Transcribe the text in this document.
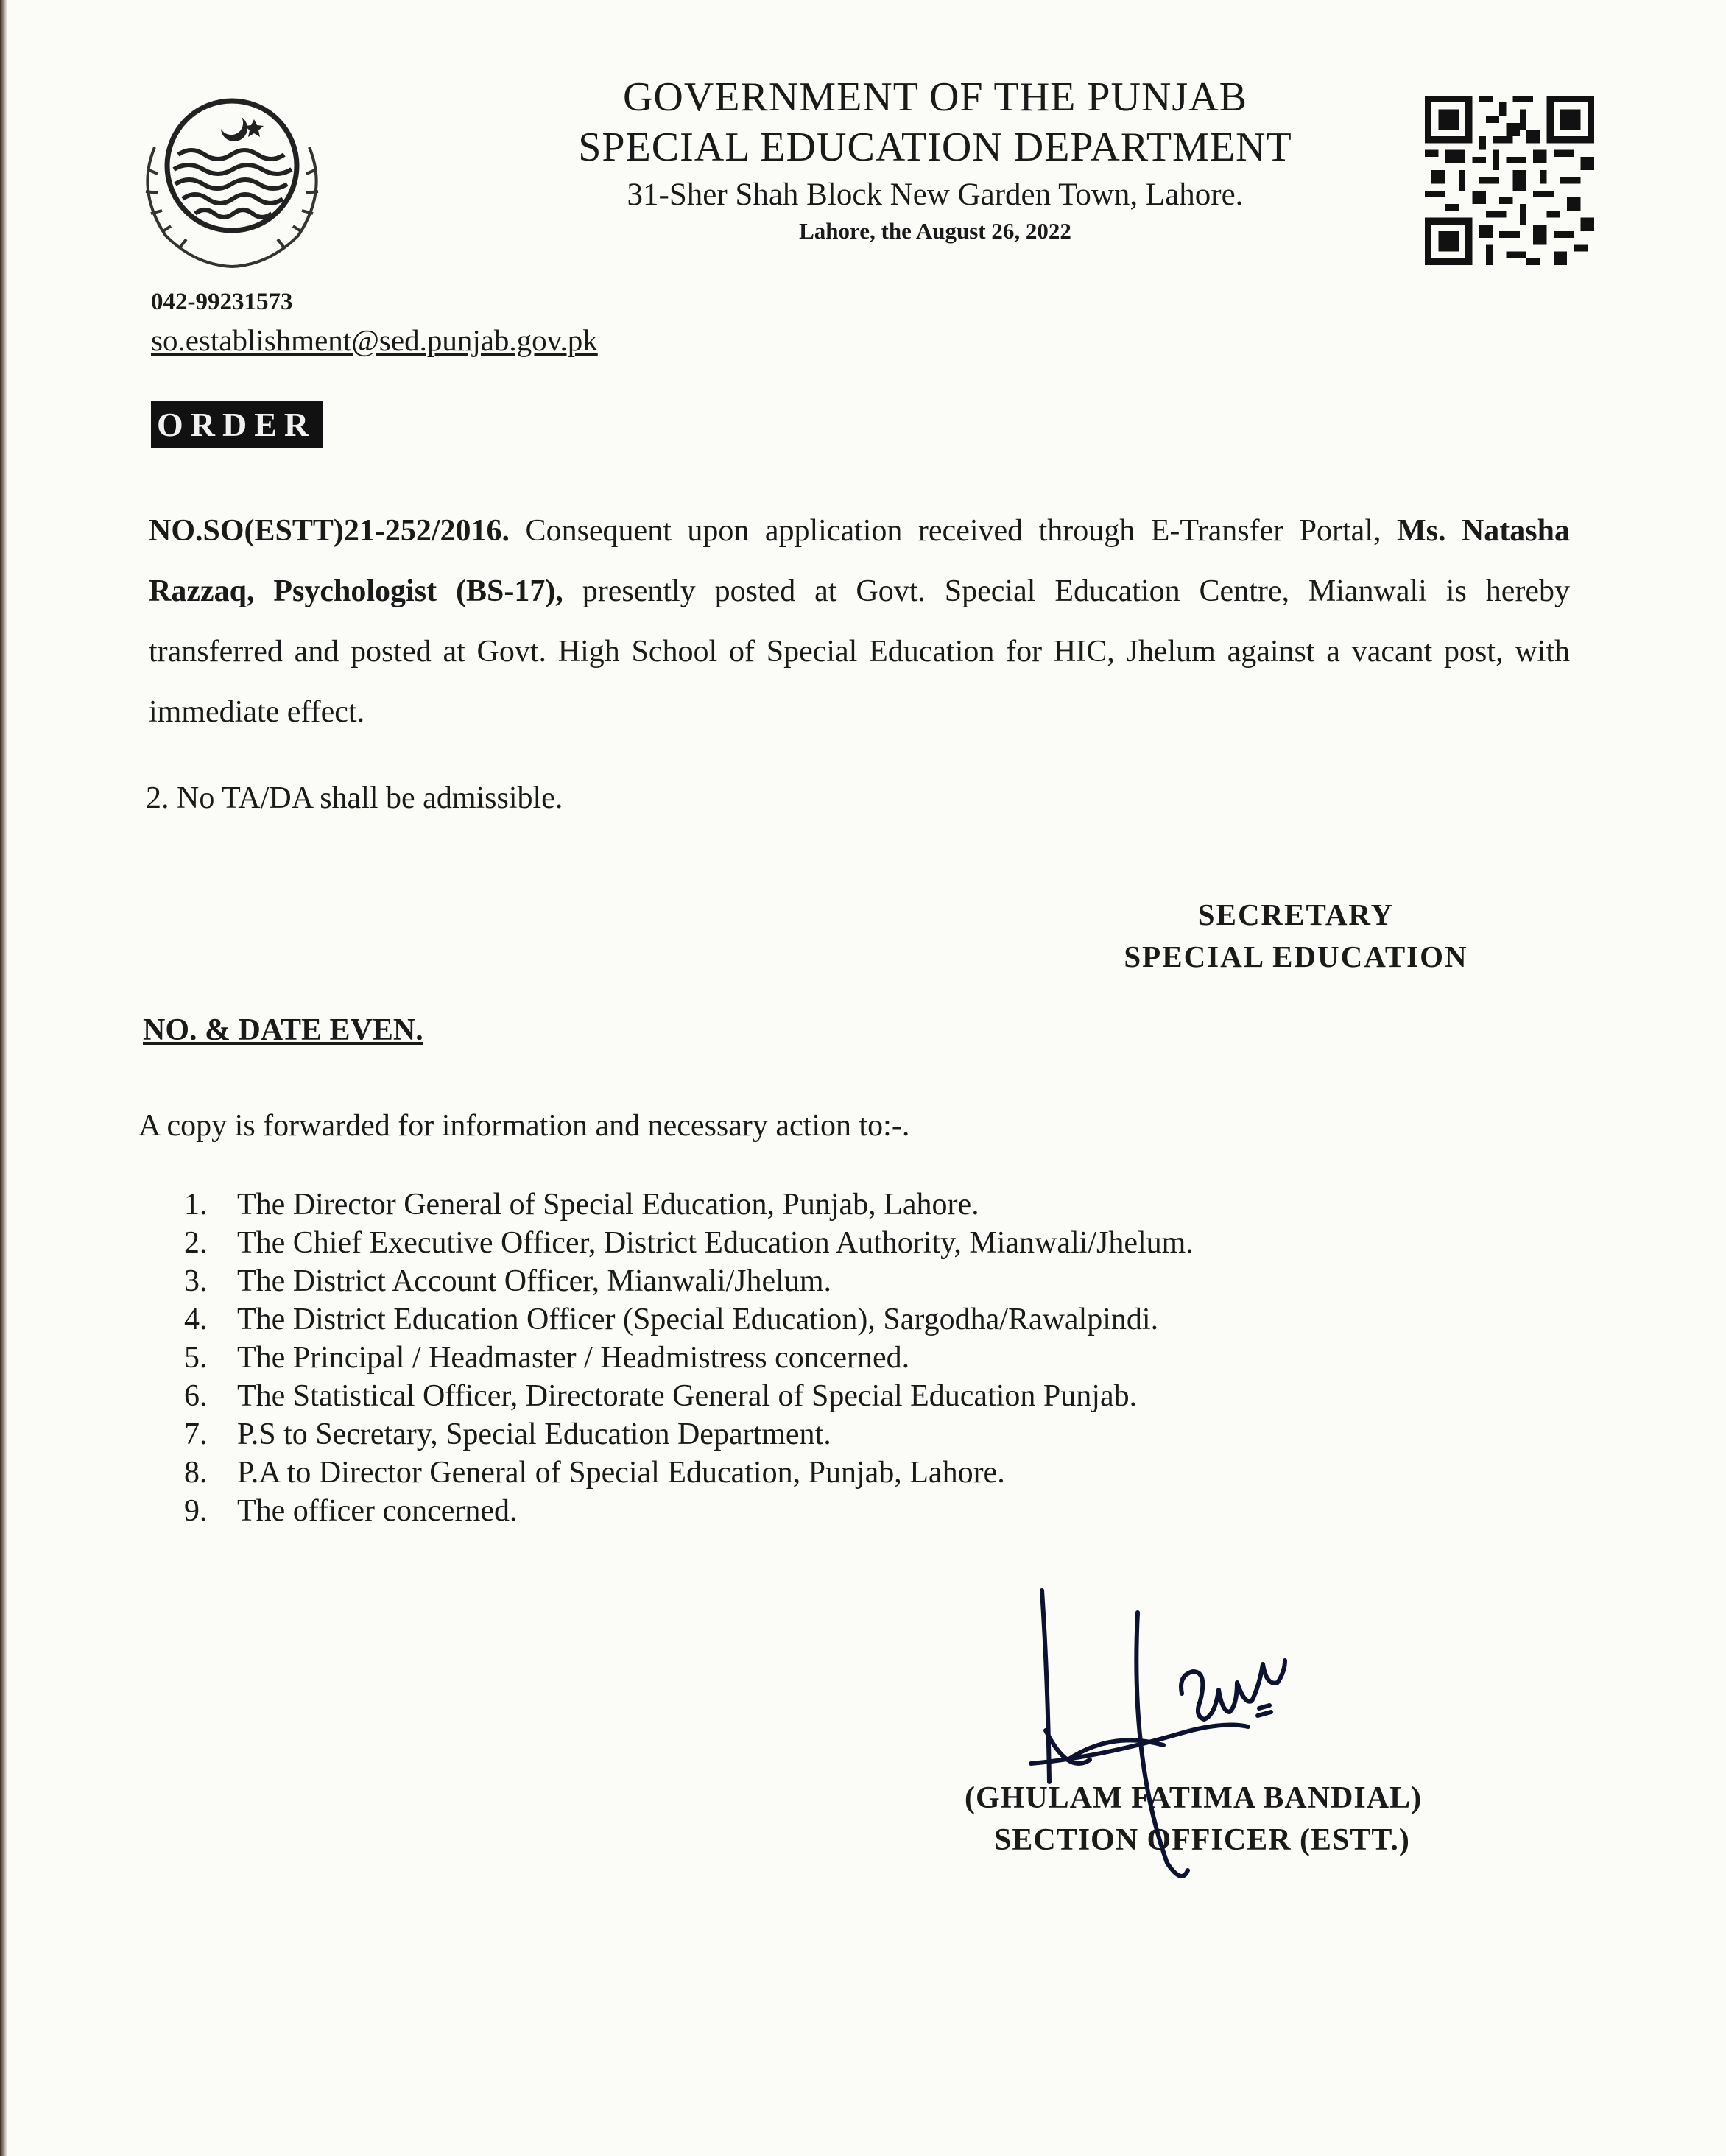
GOVERNMENT OF THE PUNJAB
SPECIAL EDUCATION DEPARTMENT
31-Sher Shah Block New Garden Town, Lahore.
Lahore, the August 26, 2022
042-99231573
so.establishment@sed.punjab.gov.pk
ORDER
NO.SO(ESTT)21-252/2016. Consequent upon application received through E-Transfer Portal, Ms. Natasha Razzaq, Psychologist (BS-17), presently posted at Govt. Special Education Centre, Mianwali is hereby transferred and posted at Govt. High School of Special Education for HIC, Jhelum against a vacant post, with immediate effect.
2. No TA/DA shall be admissible.
SECRETARY
SPECIAL EDUCATION
NO. & DATE EVEN.
A copy is forwarded for information and necessary action to:-.
1. The Director General of Special Education, Punjab, Lahore.
2. The Chief Executive Officer, District Education Authority, Mianwali/Jhelum.
3. The District Account Officer, Mianwali/Jhelum.
4. The District Education Officer (Special Education), Sargodha/Rawalpindi.
5. The Principal / Headmaster / Headmistress concerned.
6. The Statistical Officer, Directorate General of Special Education Punjab.
7. P.S to Secretary, Special Education Department.
8. P.A to Director General of Special Education, Punjab, Lahore.
9. The officer concerned.
(GHULAM FATIMA BANDIAL)
SECTION OFFICER (ESTT.)
